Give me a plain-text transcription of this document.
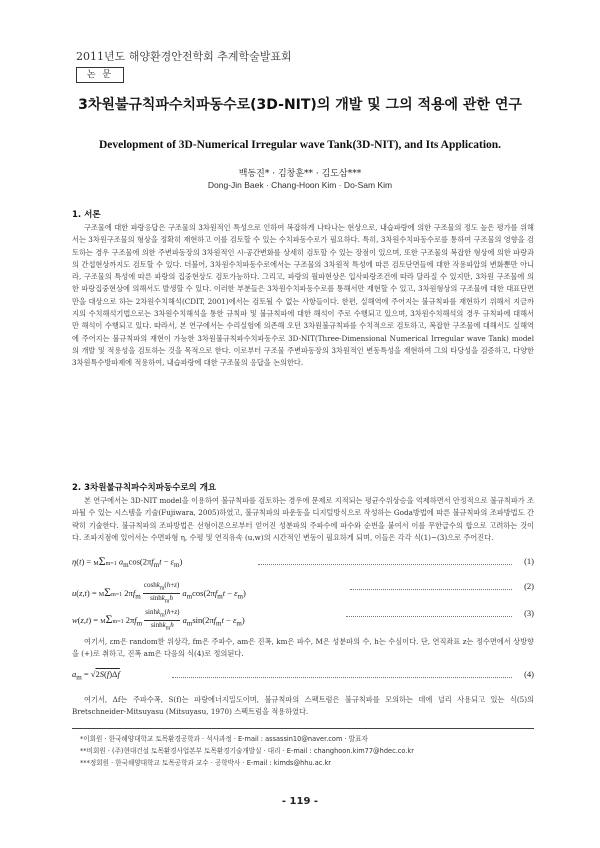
2011년도 해양환경안전학회 추계학술발표회
논 문
3차원불규칙파수치파동수로(3D-NIT)의 개발 및 그의 적용에 관한 연구
Development of 3D-Numerical Irregular wave Tank(3D-NIT), and Its Application.
백동진* · 김창훈** · 김도삼***
Dong-Jin Baek · Chang-Hoon Kim · Do-Sam Kim
1. 서론

구조물에 대한 파랑응답은 구조물의 3차원적인 특성으로 인하여 복잡하게 나타나는 현상으로, 내습파랑에 의한 구조물의 정도 높은 평가를 위해서는 3차원구조물의 형상을 정확히 재현하고 이를 검토할 수 있는 수치파동수로가 필요하다. 특히, 3차원수치파동수로를 통하여 구조물의 영향을 검토하는 경우 구조물에 의한 주변파동장의 3차원적인 시·공간변화를 상세히 검토할 수 있는 장점이 있으며, 또한 구조물의 복잡한 형상에 의한 파랑과의 간섭현상까지도 검토할 수 있다. 더불어, 3차원수치파동수로에서는 구조물의 3차원적 특성에 따른 검토단면들에 대한 작용파압의 변화뿐만 아니라, 구조물의 특성에 따른 파랑의 집중현상도 검토가능하다. 그리고, 파랑의 월파현상은 입사파랑조건에 따라 달라질 수 있지만, 3차원 구조물에 의한 파랑집중현상에 의해서도 발생할 수 있다. 이러한 부분들은 3차원수치파동수로를 통해서만 재현할 수 있고, 3차원형상의 구조물에 대한 대표단면만을 대상으로 하는 2차원수치해석(CDIT, 2001)에서는 검토될 수 없는 사항들이다. 한편, 실해역에 주어지는 불규칙파를 재현하기 위해서 지금까지의 수치해석기법으로는 3차원수치해석을 통한 규칙파 및 불규칙파에 대한 해석이 주로 수행되고 있으며, 3차원수치해석의 경우 규칙파에 대해서만 해석이 수행되고 있다. 따라서, 본 연구에서는 수리실험에 의존해 오던 3차원불규칙파를 수치적으로 검토하고, 복잡한 구조물에 대해서도 실해역에 주어지는 불규칙파의 재현이 가능한 3차원불규칙파수치파동수로 3D-NIT(Three-Dimensional Numerical Irregular wave Tank) model의 개발 및 적용성을 검토하는 것을 목적으로 한다. 이로부터 구조물 주변파동장의 3차원적인 변동특성을 재현하여 그의 타당성을 검증하고, 다양한 3차원특수방파제에 적용하여, 내습파랑에 대한 구조물의 응답을 논의한다.

2. 3차원불규칙파수치파동수로의 개요

본 연구에서는 3D-NIT model을 이용하여 불규칙파를 검토하는 경우에 문제로 지적되는 평균수위상승을 억제하면서 안정적으로 불규칙파가 조파될 수 있는 시스템을 기술(Fujiwara, 2005)하였고, 불규칙파의 파운동을 디지털방식으로 작성하는 Goda방법에 따른 불규칙파의 조파방법도 간략히 기술한다. 불규칙파의 조파방법은 선형이론으로부터 얻어진 성분파의 주파수에 파수와 순번을 붙여서 이를 무한급수의 합으로 고려하는 것이다. 조파지점에 있어서는 수면파형 η, 수평 및 연직유속 (u,w)의 시간적인 변동이 필요하게 되며, 이들은 각각 식(1)~(3)으로 주어진다.

η(t) = MΣm=1 $a_m\cos(2\pi f_mt - \varepsilon_m)$	(1)
u(z,t) = MΣm=1 $2\pi f_m \frac{\cosh k_m(h+z)}{\sinh k_mh} a_m\cos(2\pi f_mt - \varepsilon_m)$
(2)
w(z,t) = MΣm=1 $2\pi f_m \frac{\sinh k_m(h+z)}{\sinh k_mh} a_m\sin(2\pi f_mt - \varepsilon_m)$
(3)

여기서, εm은 random한 위상각, fm은 주파수, am은 진폭, km은 파수, M은 성분파의 수, h는 수심이다. 단, 연직좌표 z는 정수면에서 상방향을 (+)로 취하고, 진폭 am은 다음의 식(4)로 정의된다.

$a_m = √2S(f)\Delta f$	(4)

여기서, Δf는 주파수폭, S(f)는 파랑에너지밀도이며, 불규칙파의 스펙트럼은 불규칙파를 모의하는 데에 널리 사용되고 있는 식(5)의 Bretschneider-Mitsuyasu (Mitsuyasu, 1970) 스펙트럼을 적용하였다.

*이회원 · 한국해양대학교 토목환경공학과 · 석사과정 · E-mail : assassin10@naver.com · 발표자
**비회원 · (주)현대건설 토목환경사업본부 토목환경기술개발실 · 대리 · E-mail : changhoon.kim77@hdec.co.kr
***정회원 · 한국해양대학교 토목공학과 교수 · 공학박사 · E-mail : kimds@hhu.ac.kr
- 119 -
